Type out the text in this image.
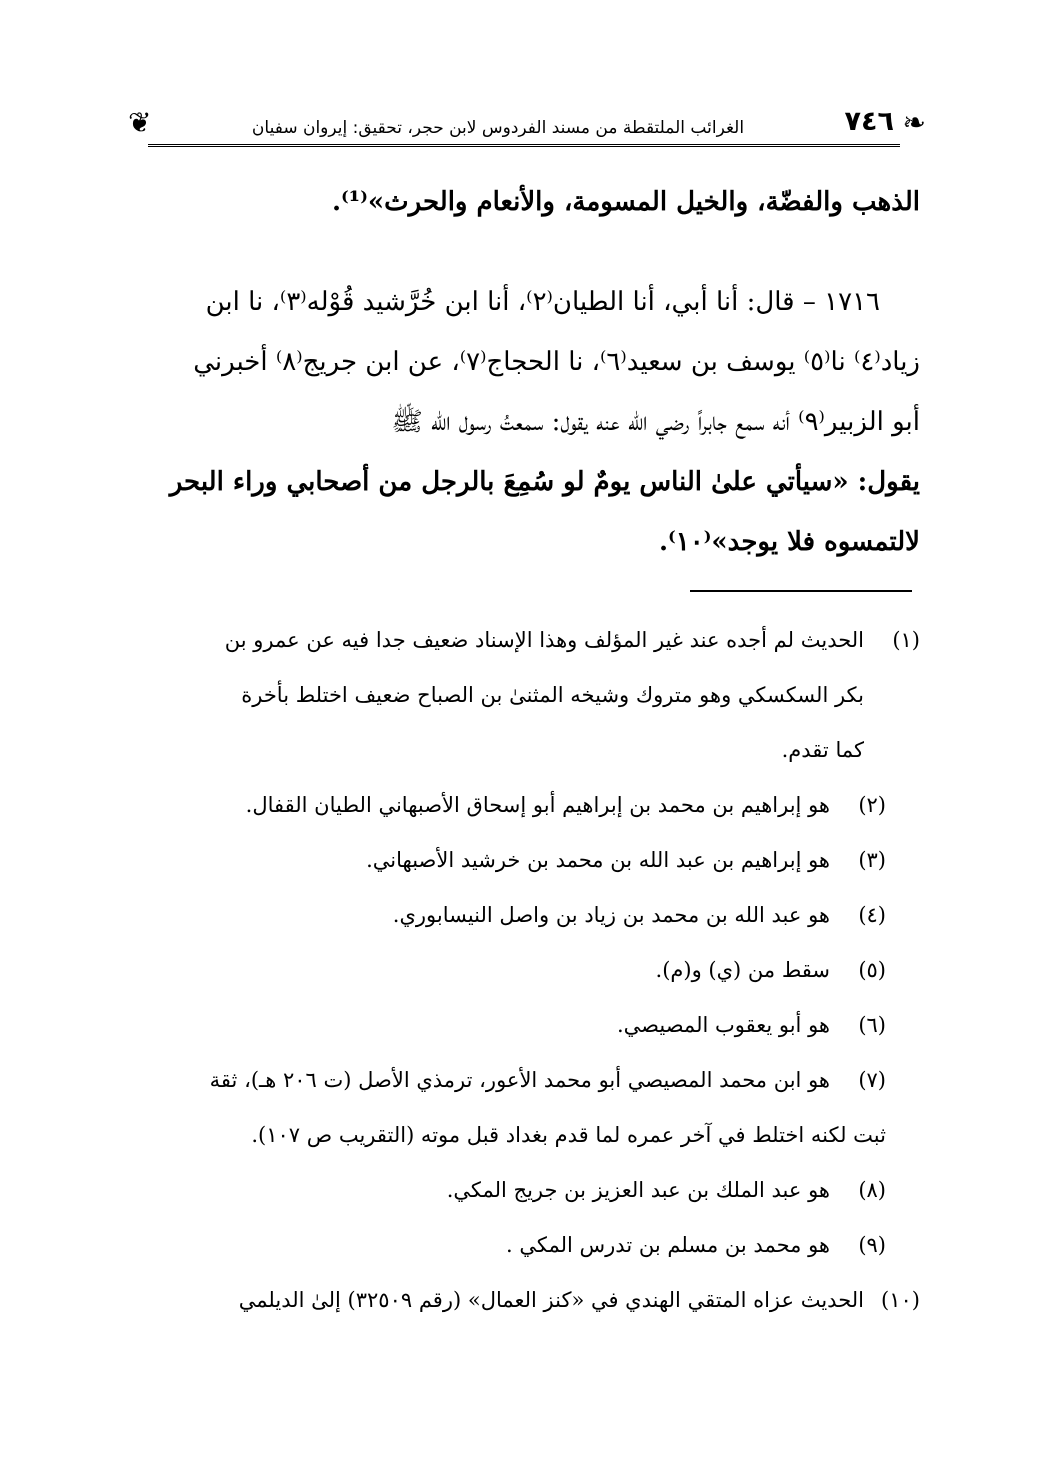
❦	٧٤٦
الغرائب الملتقطة من مسند الفردوس لابن حجر، تحقيق: إيروان سفيان	❧
الذهب والفضّة، والخيل المسومة، والأنعام والحرث»⁽¹⁾.
١٧١٦ – قال: أنا أبي، أنا الطيان⁽٢⁾، أنا ابن خُرَّشيد قُوْله⁽٣⁾، نا ابن
زياد⁽٤⁾ نا⁽٥⁾ يوسف بن سعيد⁽٦⁾، نا الحجاج⁽٧⁾، عن ابن جريج⁽٨⁾ أخبرني
أبو الزبير⁽٩⁾ أنه سمع جابراً رضي الله عنه يقول: سمعتُ رسول الله ﷺ
يقول: «سيأتي علىٰ الناس يومٌ لو سُمِعَ بالرجل من أصحابي وراء البحر
لالتمسوه فلا يوجد»⁽١٠⁾.
(١)
الحديث لم أجده عند غير المؤلف وهذا الإسناد ضعيف جدا فيه عن عمرو بن
بكر السكسكي وهو متروك وشيخه المثنىٰ بن الصباح ضعيف اختلط بأخرة
كما تقدم.
(٢)
هو إبراهيم بن محمد بن إبراهيم أبو إسحاق الأصبهاني الطيان القفال.
(٣)
هو إبراهيم بن عبد الله بن محمد بن خرشيد الأصبهاني.
(٤)
هو عبد الله بن محمد بن زياد بن واصل النيسابوري.
(٥)
سقط من (ي) و(م).
(٦)
هو أبو يعقوب المصيصي.
(٧)
هو ابن محمد المصيصي أبو محمد الأعور، ترمذي الأصل (ت ٢٠٦ هـ)، ثقة
ثبت لكنه اختلط في آخر عمره لما قدم بغداد قبل موته (التقريب ص ١٠٧).
(٨)
هو عبد الملك بن عبد العزيز بن جريج المكي.
(٩)
هو محمد بن مسلم بن تدرس المكي .
(١٠)
الحديث عزاه المتقي الهندي في «كنز العمال» (رقم ٣٢٥٠٩) إلىٰ الديلمي
